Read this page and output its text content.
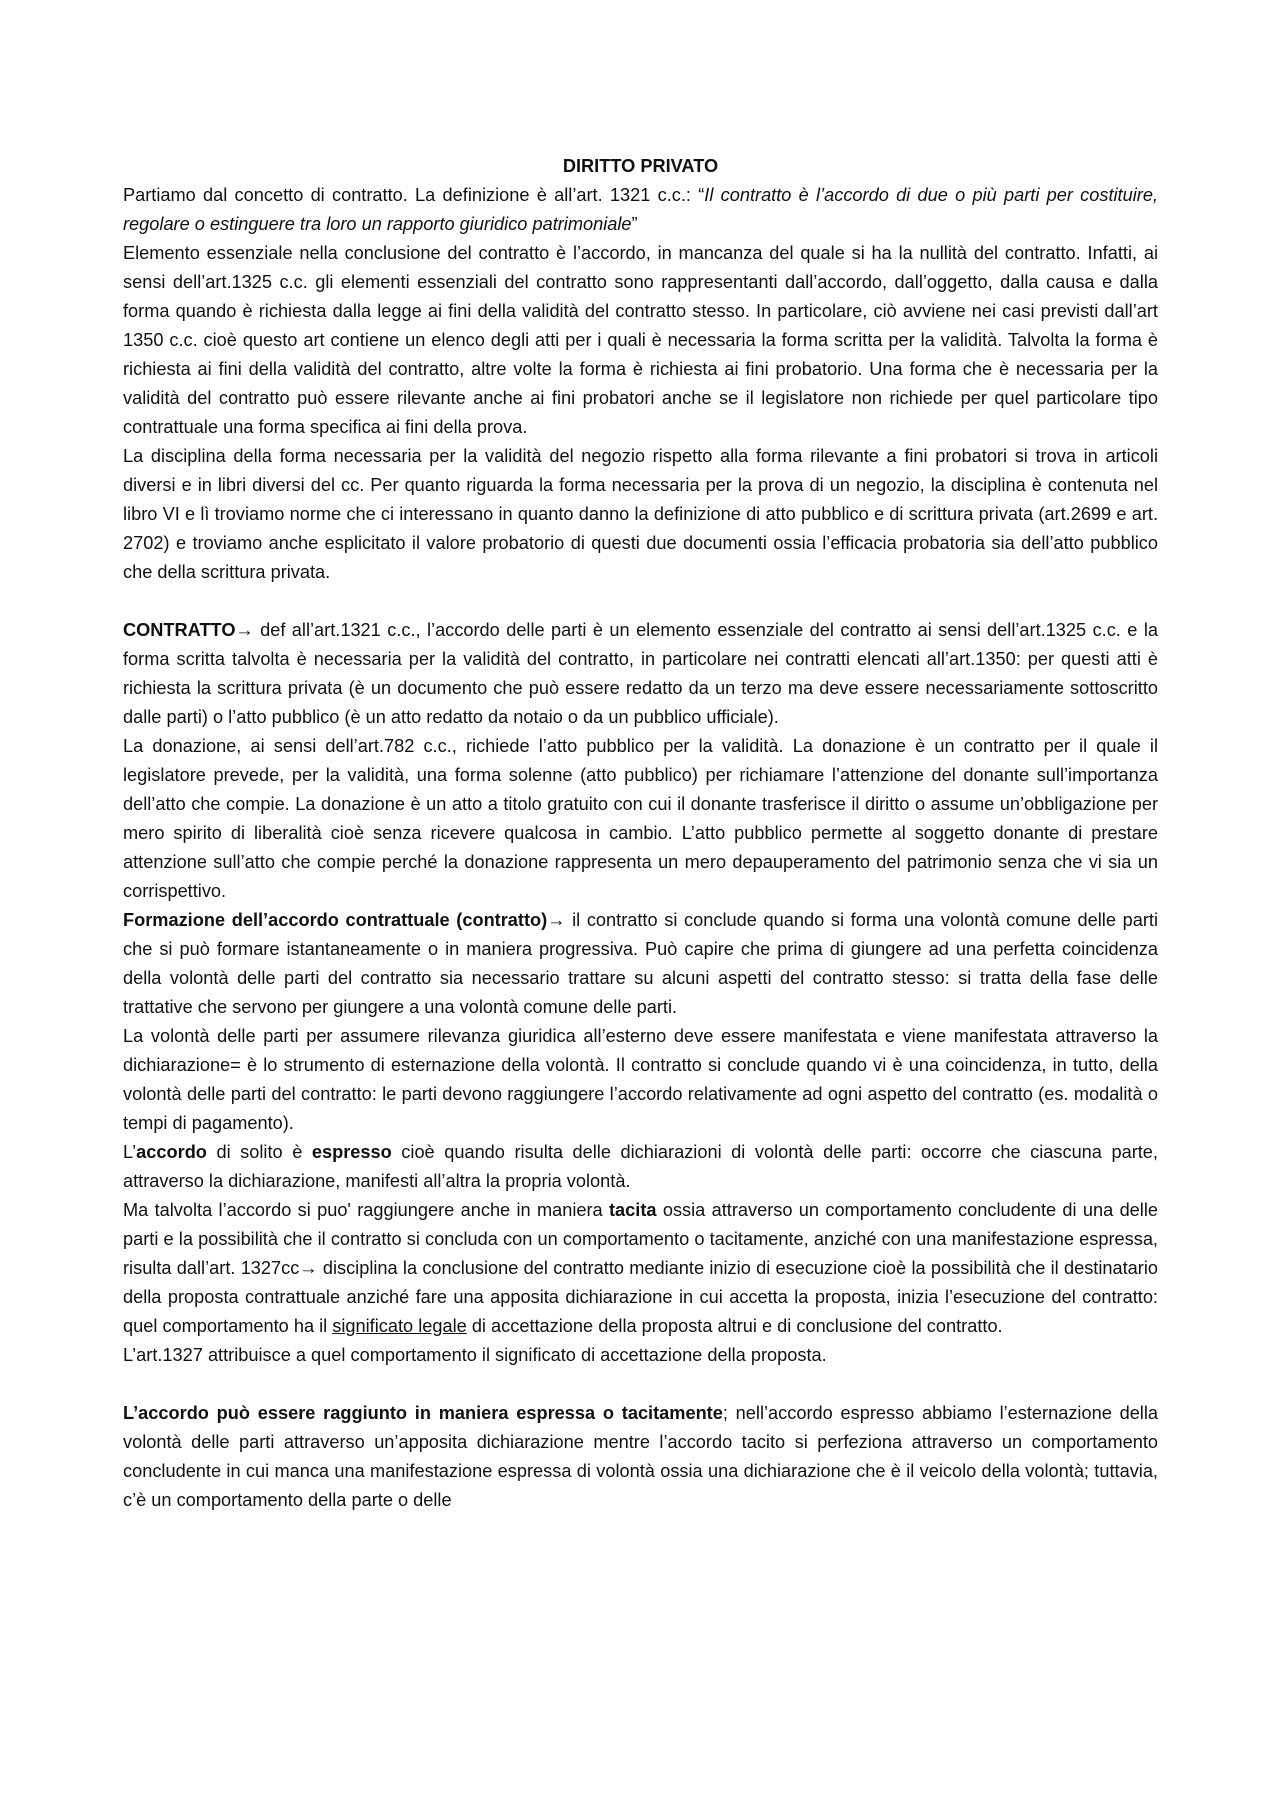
DIRITTO PRIVATO

Partiamo dal concetto di contratto. La definizione è all’art. 1321 c.c.: “Il contratto è l’accordo di due o più parti per costituire, regolare o estinguere tra loro un rapporto giuridico patrimoniale”

Elemento essenziale nella conclusione del contratto è l’accordo, in mancanza del quale si ha la nullità del contratto. Infatti, ai sensi dell’art.1325 c.c. gli elementi essenziali del contratto sono rappresentanti dall’accordo, dall’oggetto, dalla causa e dalla forma quando è richiesta dalla legge ai fini della validità del contratto stesso. In particolare, ciò avviene nei casi previsti dall’art 1350 c.c. cioè questo art contiene un elenco degli atti per i quali è necessaria la forma scritta per la validità. Talvolta la forma è richiesta ai fini della validità del contratto, altre volte la forma è richiesta ai fini probatorio. Una forma che è necessaria per la validità del contratto può essere rilevante anche ai fini probatori anche se il legislatore non richiede per quel particolare tipo contrattuale una forma specifica ai fini della prova.

La disciplina della forma necessaria per la validità del negozio rispetto alla forma rilevante a fini probatori si trova in articoli diversi e in libri diversi del cc. Per quanto riguarda la forma necessaria per la prova di un negozio, la disciplina è contenuta nel libro VI e lì troviamo norme che ci interessano in quanto danno la definizione di atto pubblico e di scrittura privata (art.2699 e art. 2702) e troviamo anche esplicitato il valore probatorio di questi due documenti ossia l’efficacia probatoria sia dell’atto pubblico che della scrittura privata.

CONTRATTO→ def all’art.1321 c.c., l’accordo delle parti è un elemento essenziale del contratto ai sensi dell’art.1325 c.c. e la forma scritta talvolta è necessaria per la validità del contratto, in particolare nei contratti elencati all’art.1350: per questi atti è richiesta la scrittura privata (è un documento che può essere redatto da un terzo ma deve essere necessariamente sottoscritto dalle parti) o l’atto pubblico (è un atto redatto da notaio o da un pubblico ufficiale).

La donazione, ai sensi dell’art.782 c.c., richiede l’atto pubblico per la validità. La donazione è un contratto per il quale il legislatore prevede, per la validità, una forma solenne (atto pubblico) per richiamare l’attenzione del donante sull’importanza dell’atto che compie. La donazione è un atto a titolo gratuito con cui il donante trasferisce il diritto o assume un’obbligazione per mero spirito di liberalità cioè senza ricevere qualcosa in cambio. L’atto pubblico permette al soggetto donante di prestare attenzione sull’atto che compie perché la donazione rappresenta un mero depauperamento del patrimonio senza che vi sia un corrispettivo.

Formazione dell’accordo contrattuale (contratto)→ il contratto si conclude quando si forma una volontà comune delle parti che si può formare istantaneamente o in maniera progressiva. Può capire che prima di giungere ad una perfetta coincidenza della volontà delle parti del contratto sia necessario trattare su alcuni aspetti del contratto stesso: si tratta della fase delle trattative che servono per giungere a una volontà comune delle parti.

La volontà delle parti per assumere rilevanza giuridica all’esterno deve essere manifestata e viene manifestata attraverso la dichiarazione= è lo strumento di esternazione della volontà. Il contratto si conclude quando vi è una coincidenza, in tutto, della volontà delle parti del contratto: le parti devono raggiungere l’accordo relativamente ad ogni aspetto del contratto (es. modalità o tempi di pagamento).

L’accordo di solito è espresso cioè quando risulta delle dichiarazioni di volontà delle parti: occorre che ciascuna parte, attraverso la dichiarazione, manifesti all’altra la propria volontà.

Ma talvolta l’accordo si puo' raggiungere anche in maniera tacita ossia attraverso un comportamento concludente di una delle parti e la possibilità che il contratto si concluda con un comportamento o tacitamente, anziché con una manifestazione espressa, risulta dall’art. 1327cc→ disciplina la conclusione del contratto mediante inizio di esecuzione cioè la possibilità che il destinatario della proposta contrattuale anziché fare una apposita dichiarazione in cui accetta la proposta, inizia l’esecuzione del contratto: quel comportamento ha il significato legale di accettazione della proposta altrui e di conclusione del contratto.

L’art.1327 attribuisce a quel comportamento il significato di accettazione della proposta.

L’accordo può essere raggiunto in maniera espressa o tacitamente; nell’accordo espresso abbiamo l’esternazione della volontà delle parti attraverso un’apposita dichiarazione mentre l’accordo tacito si perfeziona attraverso un comportamento concludente in cui manca una manifestazione espressa di volontà ossia una dichiarazione che è il veicolo della volontà; tuttavia, c’è un comportamento della parte o delle
